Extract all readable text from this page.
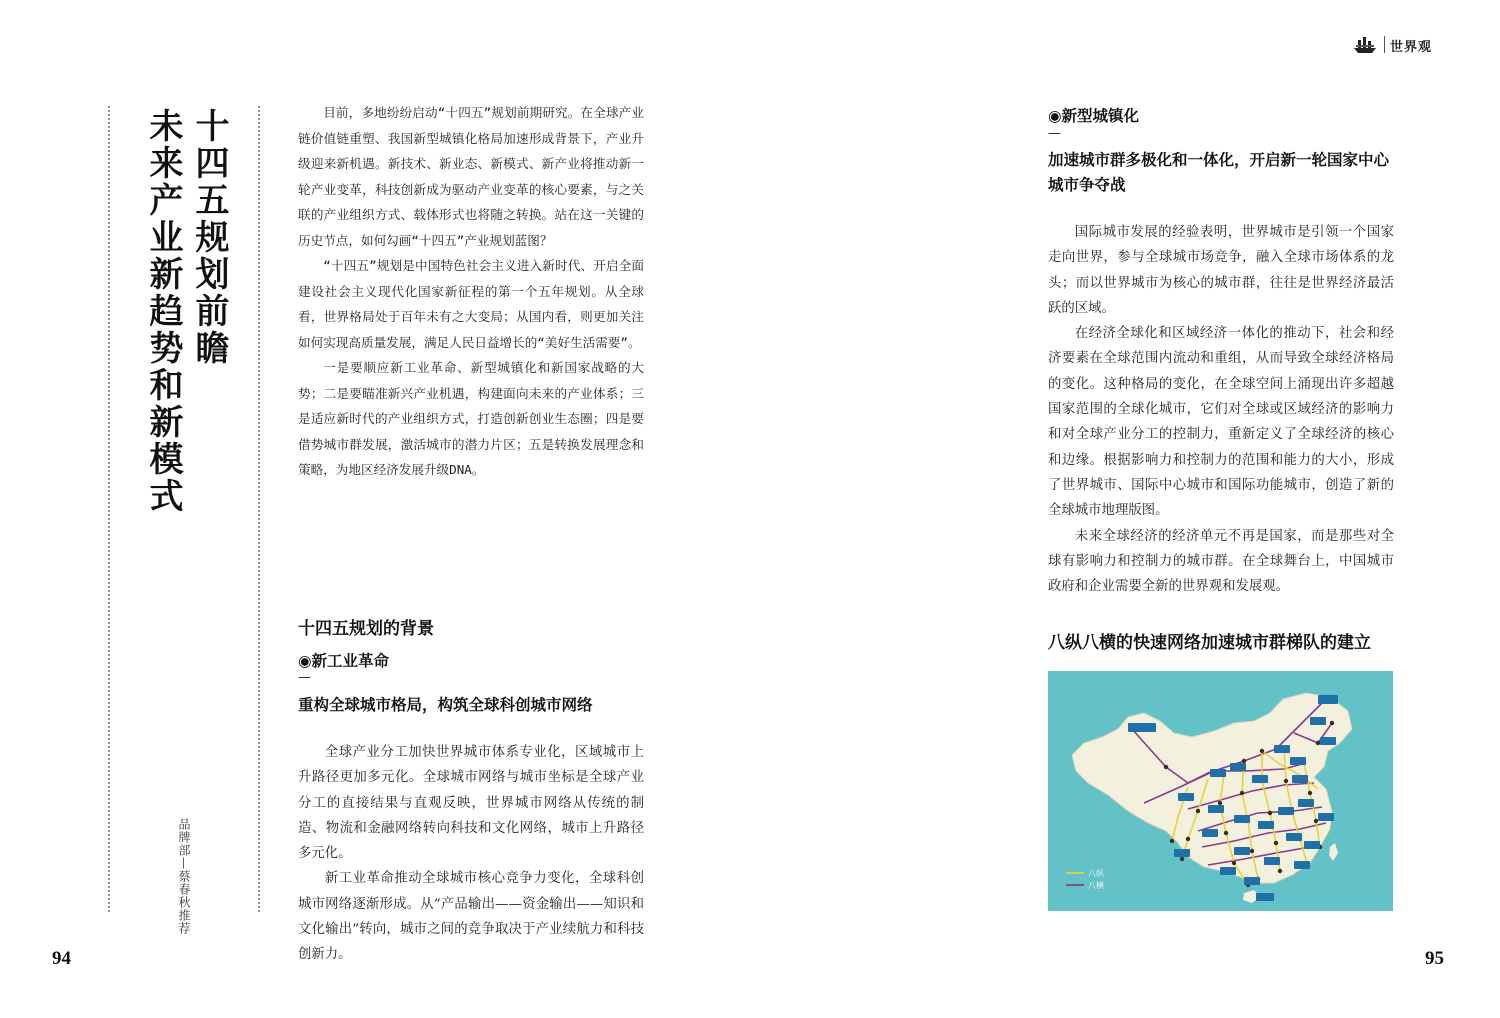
世界观
十四五规划前瞻
未来产业新趋势和新模式
品牌部—蔡春秋推荐

目前，多地纷纷启动“十四五”规划前期研究。在全球产业链价值链重塑、我国新型城镇化格局加速形成背景下，产业升级迎来新机遇。新技术、新业态、新模式、新产业将推动新一轮产业变革，科技创新成为驱动产业变革的核心要素，与之关联的产业组织方式、载体形式也将随之转换。站在这一关键的历史节点，如何勾画“十四五”产业规划蓝图？

“十四五”规划是中国特色社会主义进入新时代、开启全面建设社会主义现代化国家新征程的第一个五年规划。从全球看，世界格局处于百年未有之大变局；从国内看，则更加关注如何实现高质量发展，满足人民日益增长的“美好生活需要”。

一是要顺应新工业革命、新型城镇化和新国家战略的大势；二是要瞄准新兴产业机遇，构建面向未来的产业体系；三是适应新时代的产业组织方式，打造创新创业生态圈；四是要借势城市群发展，激活城市的潜力片区；五是转换发展理念和策略，为地区经济发展升级DNA。

十四五规划的背景
◉新工业革命
—
重构全球城市格局，构筑全球科创城市网络

全球产业分工加快世界城市体系专业化，区域城市上升路径更加多元化。全球城市网络与城市坐标是全球产业分工的直接结果与直观反映，世界城市网络从传统的制造、物流和金融网络转向科技和文化网络，城市上升路径多元化。

新工业革命推动全球城市核心竞争力变化，全球科创城市网络逐渐形成。从“产品输出——资金输出——知识和文化输出”转向，城市之间的竞争取决于产业续航力和科技创新力。

94
◉新型城镇化
—
加速城市群多极化和一体化，开启新一轮国家中心城市争夺战

国际城市发展的经验表明，世界城市是引领一个国家走向世界，参与全球城市场竞争，融入全球市场体系的龙头；而以世界城市为核心的城市群，往往是世界经济最活跃的区域。

在经济全球化和区域经济一体化的推动下，社会和经济要素在全球范围内流动和重组，从而导致全球经济格局的变化。这种格局的变化，在全球空间上涌现出许多超越国家范围的全球化城市，它们对全球或区域经济的影响力和对全球产业分工的控制力，重新定义了全球经济的核心和边缘。根据影响力和控制力的范围和能力的大小，形成了世界城市、国际中心城市和国际功能城市，创造了新的全球城市地理版图。

未来全球经济的经济单元不再是国家，而是那些对全球有影响力和控制力的城市群。在全球舞台上，中国城市政府和企业需要全新的世界观和发展观。

八纵八横的快速网络加速城市群梯队的建立
八纵
八横
95
